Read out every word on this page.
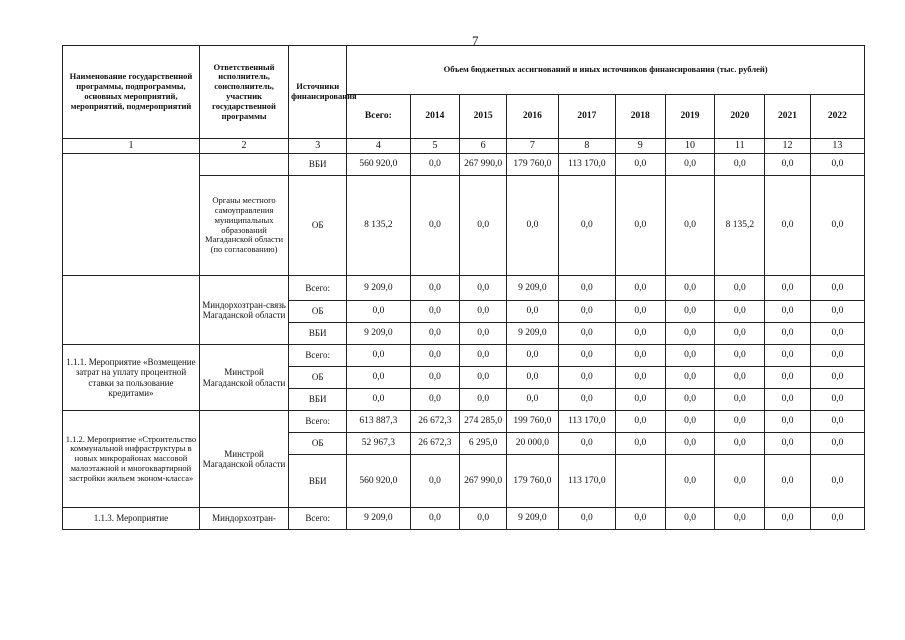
7
Наименование государственной программы, подпрограммы, основных мероприятий, мероприятий, подмероприятий	Ответственный исполнитель, соисполнитель, участник государственной программы	Источники финансирования	Объем бюджетных ассигнований и иных источников финансирования (тыс. рублей)									
			Всего:	2014	2015	2016	2017	2018	2019	2020	2021	2022
1	2	3	4	5	6	7	8	9	10	11	12	13
		ВБИ	560 920,0	0,0	267 990,0	179 760,0	113 170,0	0,0	0,0	0,0	0,0	0,0
	Органы местного самоуправления муниципальных образований Магаданской области (по согласованию)	ОБ	8 135,2	0,0	0,0	0,0	0,0	0,0	0,0	8 135,2	0,0	0,0
	Миндорхозтран-связь Магаданской области	Всего:	9 209,0	0,0	0,0	9 209,0	0,0	0,0	0,0	0,0	0,0	0,0
		ОБ	0,0	0,0	0,0	0,0	0,0	0,0	0,0	0,0	0,0	0,0
		ВБИ	9 209,0	0,0	0,0	9 209,0	0,0	0,0	0,0	0,0	0,0	0,0
1.1.1. Мероприятие «Возмещение затрат на уплату процентной ставки за пользование кредитами»	Минстрой Магаданской области	Всего:	0,0	0,0	0,0	0,0	0,0	0,0	0,0	0,0	0,0	0,0
		ОБ	0,0	0,0	0,0	0,0	0,0	0,0	0,0	0,0	0,0	0,0
		ВБИ	0,0	0,0	0,0	0,0	0,0	0,0	0,0	0,0	0,0	0,0
1.1.2. Мероприятие «Строительство коммунальной инфраструктуры в новых микрорайонах массовой малоэтажной и многоквартирной застройки жильем эконом-класса»	Минстрой Магаданской области	Всего:	613 887,3	26 672,3	274 285,0	199 760,0	113 170,0	0,0	0,0	0,0	0,0	0,0
		ОБ	52 967,3	26 672,3	6 295,0	20 000,0	0,0	0,0	0,0	0,0	0,0	0,0
		ВБИ	560 920,0	0,0	267 990,0	179 760,0	113 170,0		0,0	0,0	0,0	0,0
1.1.3. Мероприятие	Миндорхозтран-	Всего:	9 209,0	0,0	0,0	9 209,0	0,0	0,0	0,0	0,0	0,0	0,0
